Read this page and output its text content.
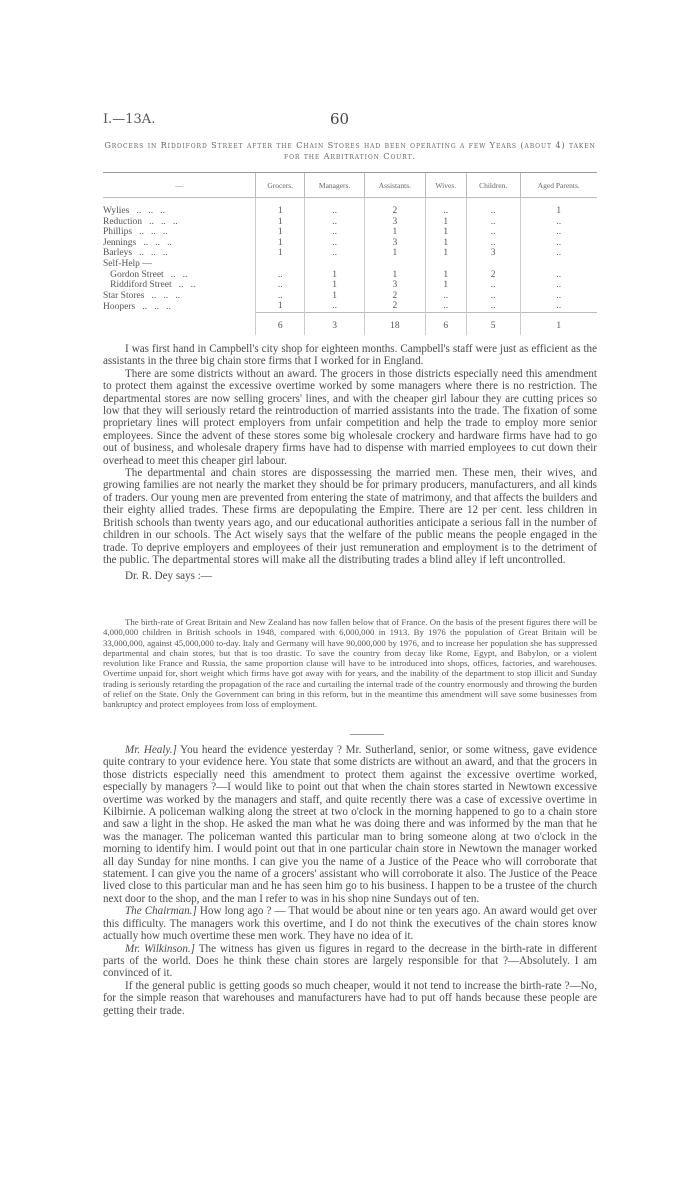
I.—13A.	60
Grocers in Riddiford Street after the Chain Stores had been operating a few Years (about 4) taken for the Arbitration Court.
—	Grocers.	Managers.	Assistants.	Wives.	Children.	Aged Parents.
Wylies   ..   ..   ..	1	..	2	..	..	1
Reduction   ..   ..   ..	1	..	3	1	..	..
Phillips   ..   ..   ..	1	..	1	1	..	..
Jennings   ..   ..   ..	1	..	3	1	..	..
Barleys   ..   ..   ..	1	..	1	1	3	..
Self-Help —						
Gordon Street   ..   ..	..	1	1	1	2	..
Riddiford Street   ..   ..	..	1	3	1	..	..
Star Stores   ..   ..   ..	..	1	2	..	..	..
Hoopers   ..   ..   ..	1	..	2	..	..	..
	6	3	18	6	5	1

I was first hand in Campbell's city shop for eighteen months. Campbell's staff were just as efficient as the assistants in the three big chain store firms that I worked for in England.

There are some districts without an award. The grocers in those districts especially need this amendment to protect them against the excessive overtime worked by some managers where there is no restriction. The departmental stores are now selling grocers' lines, and with the cheaper girl labour they are cutting prices so low that they will seriously retard the reintroduction of married assistants into the trade. The fixation of some proprietary lines will protect employers from unfair competition and help the trade to employ more senior employees. Since the advent of these stores some big wholesale crockery and hardware firms have had to go out of business, and wholesale drapery firms have had to dispense with married employees to cut down their overhead to meet this cheaper girl labour.

The departmental and chain stores are dispossessing the married men. These men, their wives, and growing families are not nearly the market they should be for primary producers, manufacturers, and all kinds of traders. Our young men are prevented from entering the state of matrimony, and that affects the builders and their eighty allied trades. These firms are depopulating the Empire. There are 12 per cent. less children in British schools than twenty years ago, and our educational authorities anticipate a serious fall in the number of children in our schools. The Act wisely says that the welfare of the public means the people engaged in the trade. To deprive employers and employees of their just remuneration and employment is to the detriment of the public. The departmental stores will make all the distributing trades a blind alley if left uncontrolled.

Dr. R. Dey says :—

The birth-rate of Great Britain and New Zealand has now fallen below that of France. On the basis of the present figures there will be 4,000,000 children in British schools in 1948, compared with 6,000,000 in 1913. By 1976 the population of Great Britain will be 33,000,000, against 45,000,000 to-day. Italy and Germany will have 90,000,000 by 1976, and to increase her population she has suppressed departmental and chain stores, but that is too drastic. To save the country from decay like Rome, Egypt, and Babylon, or a violent revolution like France and Russia, the same proportion clause will have to be introduced into shops, offices, factories, and warehouses. Overtime unpaid for, short weight which firms have got away with for years, and the inability of the department to stop illicit and Sunday trading is seriously retarding the propagation of the race and curtailing the internal trade of the country enormously and throwing the burden of relief on the State. Only the Government can bring in this reform, but in the meantime this amendment will save some businesses from bankruptcy and protect employees from loss of employment.

Mr. Healy.] You heard the evidence yesterday ? Mr. Sutherland, senior, or some witness, gave evidence quite contrary to your evidence here. You state that some districts are without an award, and that the grocers in those districts especially need this amendment to protect them against the excessive overtime worked, especially by managers ?—I would like to point out that when the chain stores started in Newtown excessive overtime was worked by the managers and staff, and quite recently there was a case of excessive overtime in Kilbirnie. A policeman walking along the street at two o'clock in the morning happened to go to a chain store and saw a light in the shop. He asked the man what he was doing there and was informed by the man that he was the manager. The policeman wanted this particular man to bring someone along at two o'clock in the morning to identify him. I would point out that in one particular chain store in Newtown the manager worked all day Sunday for nine months. I can give you the name of a Justice of the Peace who will corroborate that statement. I can give you the name of a grocers' assistant who will corroborate it also. The Justice of the Peace lived close to this particular man and he has seen him go to his business. I happen to be a trustee of the church next door to the shop, and the man I refer to was in his shop nine Sundays out of ten.

The Chairman.] How long ago ? — That would be about nine or ten years ago. An award would get over this difficulty. The managers work this overtime, and I do not think the executives of the chain stores know actually how much overtime these men work. They have no idea of it.

Mr. Wilkinson.] The witness has given us figures in regard to the decrease in the birth-rate in different parts of the world. Does he think these chain stores are largely responsible for that ?—Absolutely. I am convinced of it.

If the general public is getting goods so much cheaper, would it not tend to increase the birth-rate ?—No, for the simple reason that warehouses and manufacturers have had to put off hands because these people are getting their trade.
